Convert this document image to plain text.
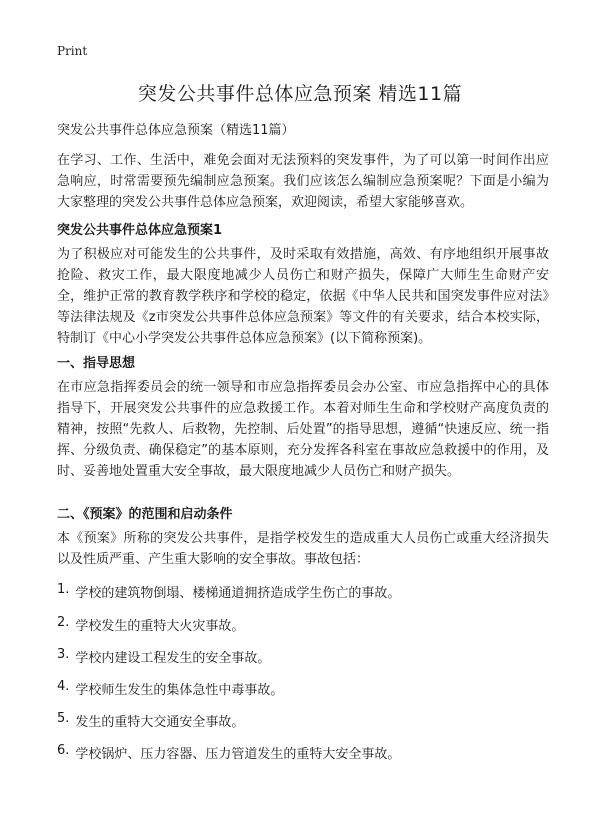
Print
突发公共事件总体应急预案 精选11篇

突发公共事件总体应急预案（精选11篇）

在学习、工作、生活中，难免会面对无法预料的突发事件，为了可以第一时间作出应急响应，时常需要预先编制应急预案。我们应该怎么编制应急预案呢？下面是小编为大家整理的突发公共事件总体应急预案，欢迎阅读，希望大家能够喜欢。

突发公共事件总体应急预案1

为了积极应对可能发生的公共事件，及时采取有效措施，高效、有序地组织开展事故抢险、救灾工作，最大限度地减少人员伤亡和财产损失，保障广大师生生命财产安全，维护正常的教育教学秩序和学校的稳定，依据《中华人民共和国突发事件应对法》等法律法规及《z市突发公共事件总体应急预案》等文件的有关要求，结合本校实际，特制订《中心小学突发公共事件总体应急预案》(以下简称预案)。

一、指导思想

在市应急指挥委员会的统一领导和市应急指挥委员会办公室、市应急指挥中心的具体指导下，开展突发公共事件的应急救援工作。本着对师生生命和学校财产高度负责的精神，按照“先救人、后救物，先控制、后处置”的指导思想，遵循“快速反应、统一指挥、分级负责、确保稳定”的基本原则，充分发挥各科室在事故应急救援中的作用，及时、妥善地处置重大安全事故，最大限度地减少人员伤亡和财产损失。

二、《预案》的范围和启动条件

本《预案》所称的突发公共事件，是指学校发生的造成重大人员伤亡或重大经济损失以及性质严重、产生重大影响的安全事故。事故包括：

1. 学校的建筑物倒塌、楼梯通道拥挤造成学生伤亡的事故。
2. 学校发生的重特大火灾事故。
3. 学校内建设工程发生的安全事故。
4. 学校师生发生的集体急性中毒事故。
5. 发生的重特大交通安全事故。
6. 学校锅炉、压力容器、压力管道发生的重特大安全事故。
